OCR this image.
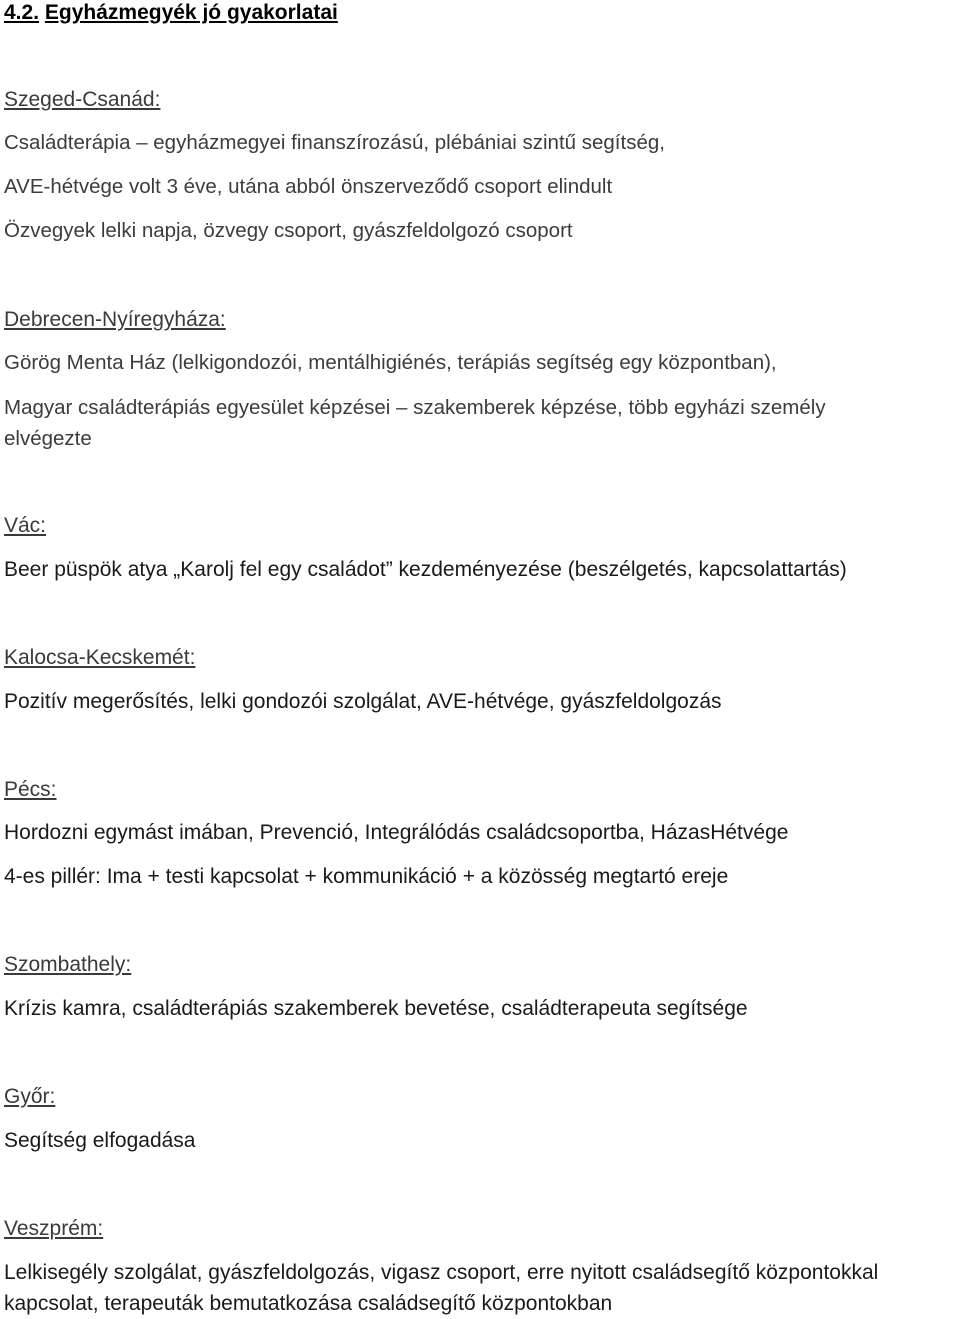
4.2. Egyházmegyék jó gyakorlatai
Szeged-Csanád:
Családterápia – egyházmegyei finanszírozású, plébániai szintű segítség,
AVE-hétvége volt 3 éve, utána abból önszerveződő csoport elindult
Özvegyek lelki napja, özvegy csoport, gyászfeldolgozó csoport
Debrecen-Nyíregyháza:
Görög Menta Ház (lelkigondozói, mentálhigiénés, terápiás segítség egy központban),
Magyar családterápiás egyesület képzései – szakemberek képzése, több egyházi személy
elvégezte
Vác:
Beer püspök atya „Karolj fel egy családot” kezdeményezése (beszélgetés, kapcsolattartás)
Kalocsa-Kecskemét:
Pozitív megerősítés, lelki gondozói szolgálat, AVE-hétvége, gyászfeldolgozás
Pécs:
Hordozni egymást imában, Prevenció, Integrálódás családcsoportba, HázasHétvége
4-es pillér: Ima + testi kapcsolat + kommunikáció + a közösség megtartó ereje
Szombathely:
Krízis kamra, családterápiás szakemberek bevetése, családterapeuta segítsége
Győr:
Segítség elfogadása
Veszprém:
Lelkisegély szolgálat, gyászfeldolgozás, vigasz csoport, erre nyitott családsegítő központokkal
kapcsolat, terapeuták bemutatkozása családsegítő központokban
